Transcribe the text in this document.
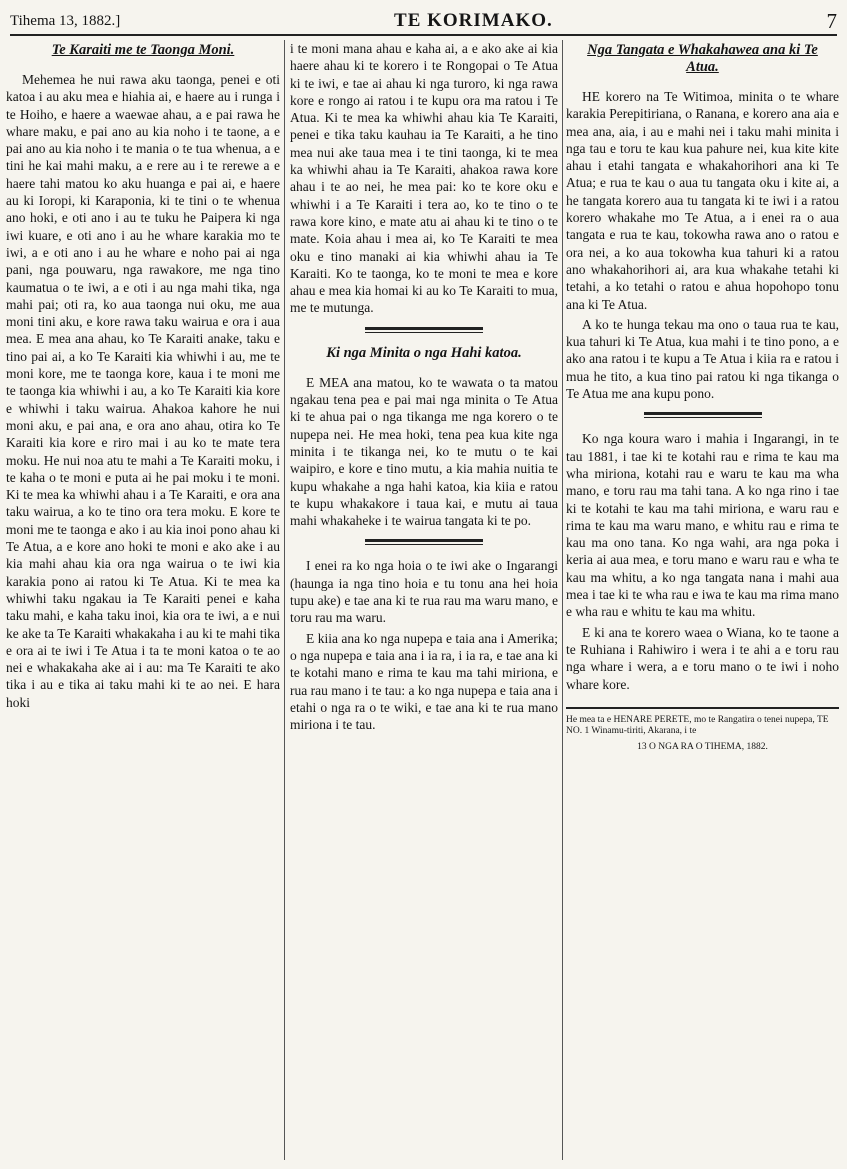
Tihema 13, 1882.]	TE KORIMAKO.	7
Te Karaiti me te Taonga Moni.

Mehemea he nui rawa aku taonga, penei e oti katoa i au aku mea e hiahia ai, e haere au i runga i te Hoiho, e haere a waewae ahau, a e pai rawa he whare maku, e pai ano au kia noho i te taone, a e pai ano au kia noho i te mania o te tua whenua, a e tini he kai mahi maku, a e rere au i te rerewe a e haere tahi matou ko aku huanga e pai ai, e haere au ki Ioropi, ki Karaponia, ki te tini o te whenua ano hoki, e oti ano i au te tuku he Paipera ki nga iwi kuare, e oti ano i au he whare karakia mo te iwi, a e oti ano i au he whare e noho pai ai nga pani, nga pouwaru, nga rawakore, me nga tino kaumatua o te iwi, a e oti i au nga mahi tika, nga mahi pai; oti ra, ko aua taonga nui oku, me aua moni tini aku, e kore rawa taku wairua e ora i aua mea. E mea ana ahau, ko Te Karaiti anake, taku e tino pai ai, a ko Te Karaiti kia whiwhi i au, me te moni kore, me te taonga kore, kaua i te moni me te taonga kia whiwhi i au, a ko Te Karaiti kia kore e whiwhi i taku wairua. Ahakoa kahore he nui moni aku, e pai ana, e ora ano ahau, otira ko Te Karaiti kia kore e riro mai i au ko te mate tera moku. He nui noa atu te mahi a Te Karaiti moku, i te kaha o te moni e puta ai he pai moku i te moni. Ki te mea ka whiwhi ahau i a Te Karaiti, e ora ana taku wairua, a ko te tino ora tera moku. E kore te moni me te taonga e ako i au kia inoi pono ahau ki Te Atua, a e kore ano hoki te moni e ako ake i au kia mahi ahau kia ora nga wairua o te iwi kia karakia pono ai ratou ki Te Atua. Ki te mea ka whiwhi taku ngakau ia Te Karaiti penei e kaha taku mahi, e kaha taku inoi, kia ora te iwi, a e nui ke ake ta Te Karaiti whakakaha i au ki te mahi tika e ora ai te iwi i Te Atua i ta te moni katoa o te ao nei e whakakaha ake ai i au: ma Te Karaiti te ako tika i au e tika ai taku mahi ki te ao nei. E hara hoki

i te moni mana ahau e kaha ai, a e ako ake ai kia haere ahau ki te korero i te Rongopai o Te Atua ki te iwi, e tae ai ahau ki nga turoro, ki nga rawa kore e rongo ai ratou i te kupu ora ma ratou i Te Atua. Ki te mea ka whiwhi ahau kia Te Karaiti, penei e tika taku kauhau ia Te Karaiti, a he tino mea nui ake taua mea i te tini taonga, ki te mea ka whiwhi ahau ia Te Karaiti, ahakoa rawa kore ahau i te ao nei, he mea pai: ko te kore oku e whiwhi i a Te Karaiti i tera ao, ko te tino o te rawa kore kino, e mate atu ai ahau ki te tino o te mate. Koia ahau i mea ai, ko Te Karaiti te mea oku e tino manaki ai kia whiwhi ahau ia Te Karaiti. Ko te taonga, ko te moni te mea e kore ahau e mea kia homai ki au ko Te Karaiti to mua, me te mutunga.

Ki nga Minita o nga Hahi katoa.

E MEA ana matou, ko te wawata o ta matou ngakau tena pea e pai mai nga minita o Te Atua ki te ahua pai o nga tikanga me nga korero o te nupepa nei. He mea hoki, tena pea kua kite nga minita i te tikanga nei, ko te mutu o te kai waipiro, e kore e tino mutu, a kia mahia nuitia te kupu whakahe a nga hahi katoa, kia kiia e ratou te kupu whakakore i taua kai, e mutu ai taua mahi whakaheke i te wairua tangata ki te po.

I enei ra ko nga hoia o te iwi ake o Ingarangi (haunga ia nga tino hoia e tu tonu ana hei hoia tupu ake) e tae ana ki te rua rau ma waru mano, e toru rau ma waru.

E kiia ana ko nga nupepa e taia ana i Amerika; o nga nupepa e taia ana i ia ra, i ia ra, e tae ana ki te kotahi mano e rima te kau ma tahi miriona, e rua rau mano i te tau: a ko nga nupepa e taia ana i etahi o nga ra o te wiki, e tae ana ki te rua mano miriona i te tau.

Nga Tangata e Whakahawea ana ki Te Atua.

HE korero na Te Witimoa, minita o te whare karakia Perepitiriana, o Ranana, e korero ana aia e mea ana, aia, i au e mahi nei i taku mahi minita i nga tau e toru te kau kua pahure nei, kua kite kite ahau i etahi tangata e whakahorihori ana ki Te Atua; e rua te kau o aua tu tangata oku i kite ai, a he tangata korero aua tu tangata ki te iwi i a ratou korero whakahe mo Te Atua, a i enei ra o aua tangata e rua te kau, tokowha rawa ano o ratou e ora nei, a ko aua tokowha kua tahuri ki a ratou ano whakahorihori ai, ara kua whakahe tetahi ki tetahi, a ko tetahi o ratou e ahua hopohopo tonu ana ki Te Atua.

A ko te hunga tekau ma ono o taua rua te kau, kua tahuri ki Te Atua, kua mahi i te tino pono, a e ako ana ratou i te kupu a Te Atua i kiia ra e ratou i mua he tito, a kua tino pai ratou ki nga tikanga o Te Atua me ana kupu pono.

Ko nga koura waro i mahia i Ingarangi, in te tau 1881, i tae ki te kotahi rau e rima te kau ma wha miriona, kotahi rau e waru te kau ma wha mano, e toru rau ma tahi tana. A ko nga rino i tae ki te kotahi te kau ma tahi miriona, e waru rau e rima te kau ma waru mano, e whitu rau e rima te kau ma ono tana. Ko nga wahi, ara nga poka i keria ai aua mea, e toru mano e waru rau e wha te kau ma whitu, a ko nga tangata nana i mahi aua mea i tae ki te wha rau e iwa te kau ma rima mano e wha rau e whitu te kau ma whitu.

E ki ana te korero waea o Wiana, ko te taone a te Ruhiana i Rahiwiro i wera i te ahi a e toru rau nga whare i wera, a e toru mano o te iwi i noho whare kore.

He mea ta e HENARE PERETE, mo te Rangatira o tenei nupepa, TE NO. 1 Winamu-tiriti, Akarana, i te
13 O NGA RA O TIHEMA, 1882.
